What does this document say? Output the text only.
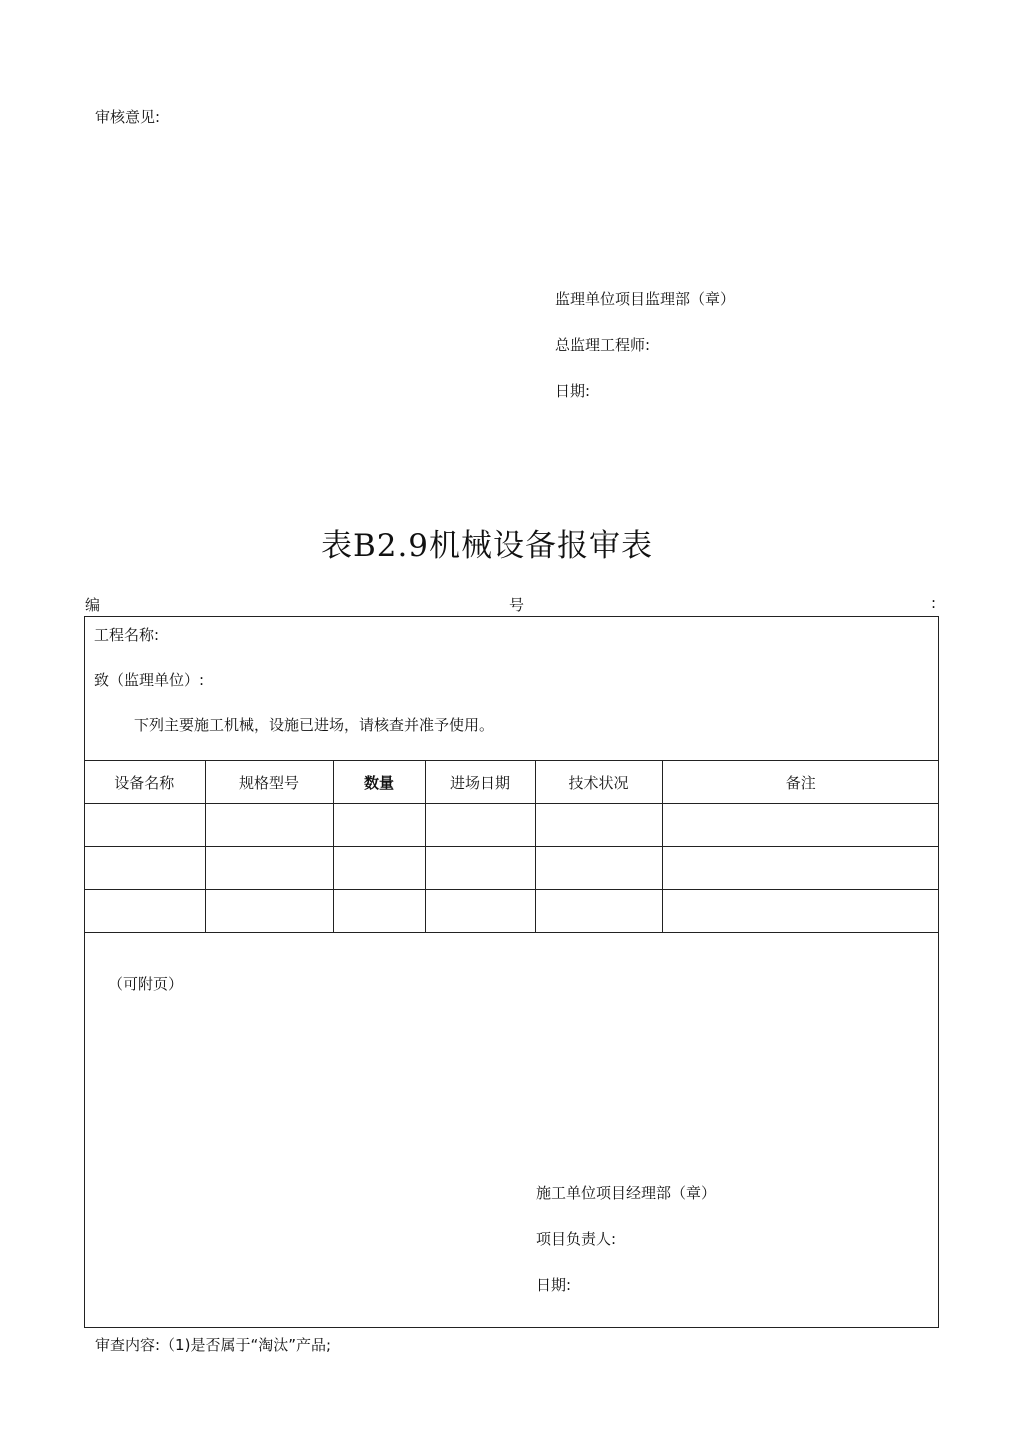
审核意见:
监理单位项目监理部（章）
总监理工程师:
日期:
表B2.9机械设备报审表
编	号	:
工程名称:
致（监理单位）:
下列主要施工机械，设施已进场，请核查并准予使用。
设备名称	规格型号	数量	进场日期	技术状况	备注

（可附页）
施工单位项目经理部（章）
项目负责人:
日期:
审查内容:（1)是否属于“淘汰”产品;
